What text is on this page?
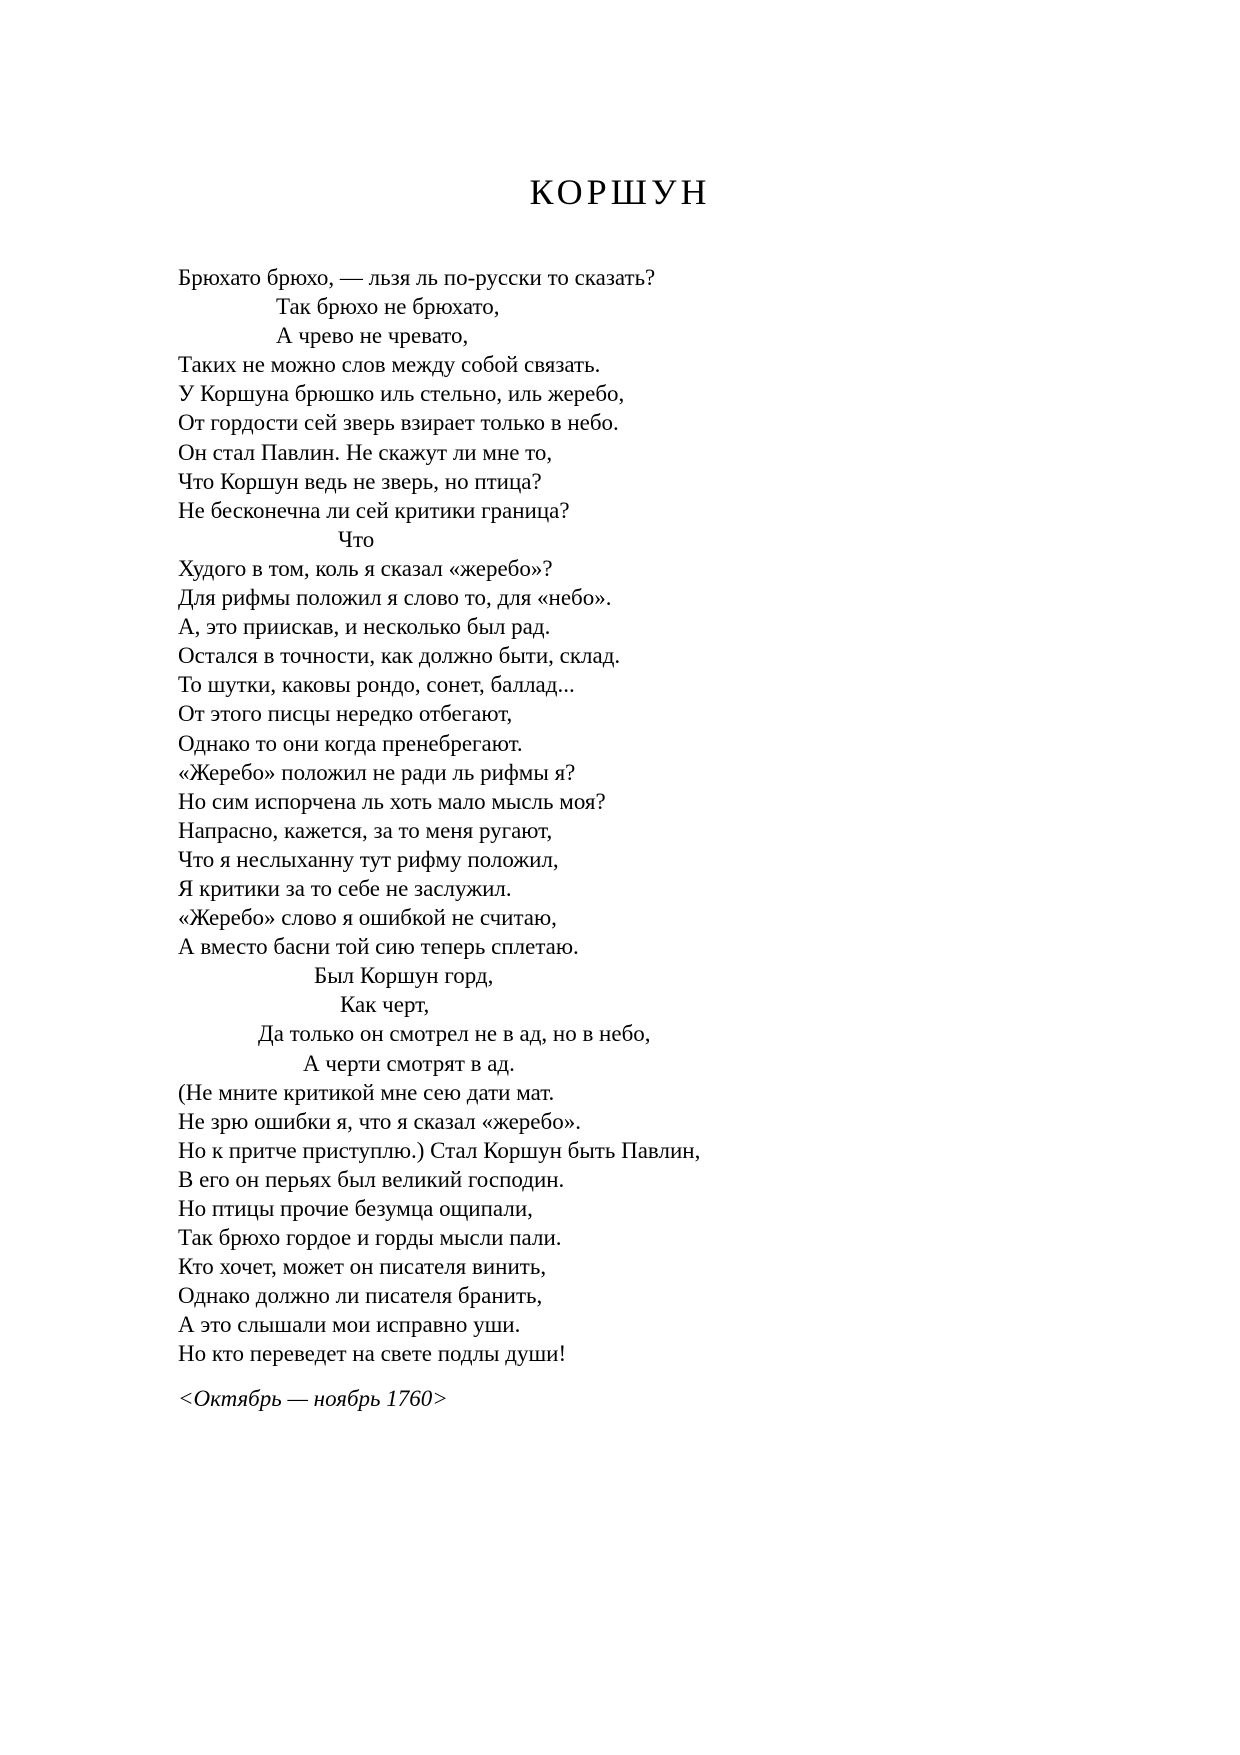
КОРШУН
Брюхато брюхо, — льзя ль по-русски то сказать?
Так брюхо не брюхато,
А чрево не чревато,
Таких не можно слов между собой связать.
У Коршуна брюшко иль стельно, иль жеребо,
От гордости сей зверь взирает только в небо.
Он стал Павлин. Не скажут ли мне то,
Что Коршун ведь не зверь, но птица?
Не бесконечна ли сей критики граница?
Что
Худого в том, коль я сказал «жеребо»?
Для рифмы положил я слово то, для «небо».
А, это приискав, и несколько был рад.
Остался в точности, как должно быти, склад.
То шутки, каковы рондо, сонет, баллад...
От этого писцы нередко отбегают,
Однако то они когда пренебрегают.
«Жеребо» положил не ради ль рифмы я?
Но сим испорчена ль хоть мало мысль моя?
Напрасно, кажется, за то меня ругают,
Что я неслыханну тут рифму положил,
Я критики за то себе не заслужил.
«Жеребо» слово я ошибкой не считаю,
А вместо басни той сию теперь сплетаю.
Был Коршун горд,
Как черт,
Да только он смотрел не в ад, но в небо,
А черти смотрят в ад.
(Не мните критикой мне сею дати мат.
Не зрю ошибки я, что я сказал «жеребо».
Но к притче приступлю.) Стал Коршун быть Павлин,
В его он перьях был великий господин.
Но птицы прочие безумца ощипали,
Так брюхо гордое и горды мысли пали.
Кто хочет, может он писателя винить,
Однако должно ли писателя бранить,
А это слышали мои исправно уши.
Но кто переведет на свете подлы души!

<Октябрь — ноябрь 1760>
